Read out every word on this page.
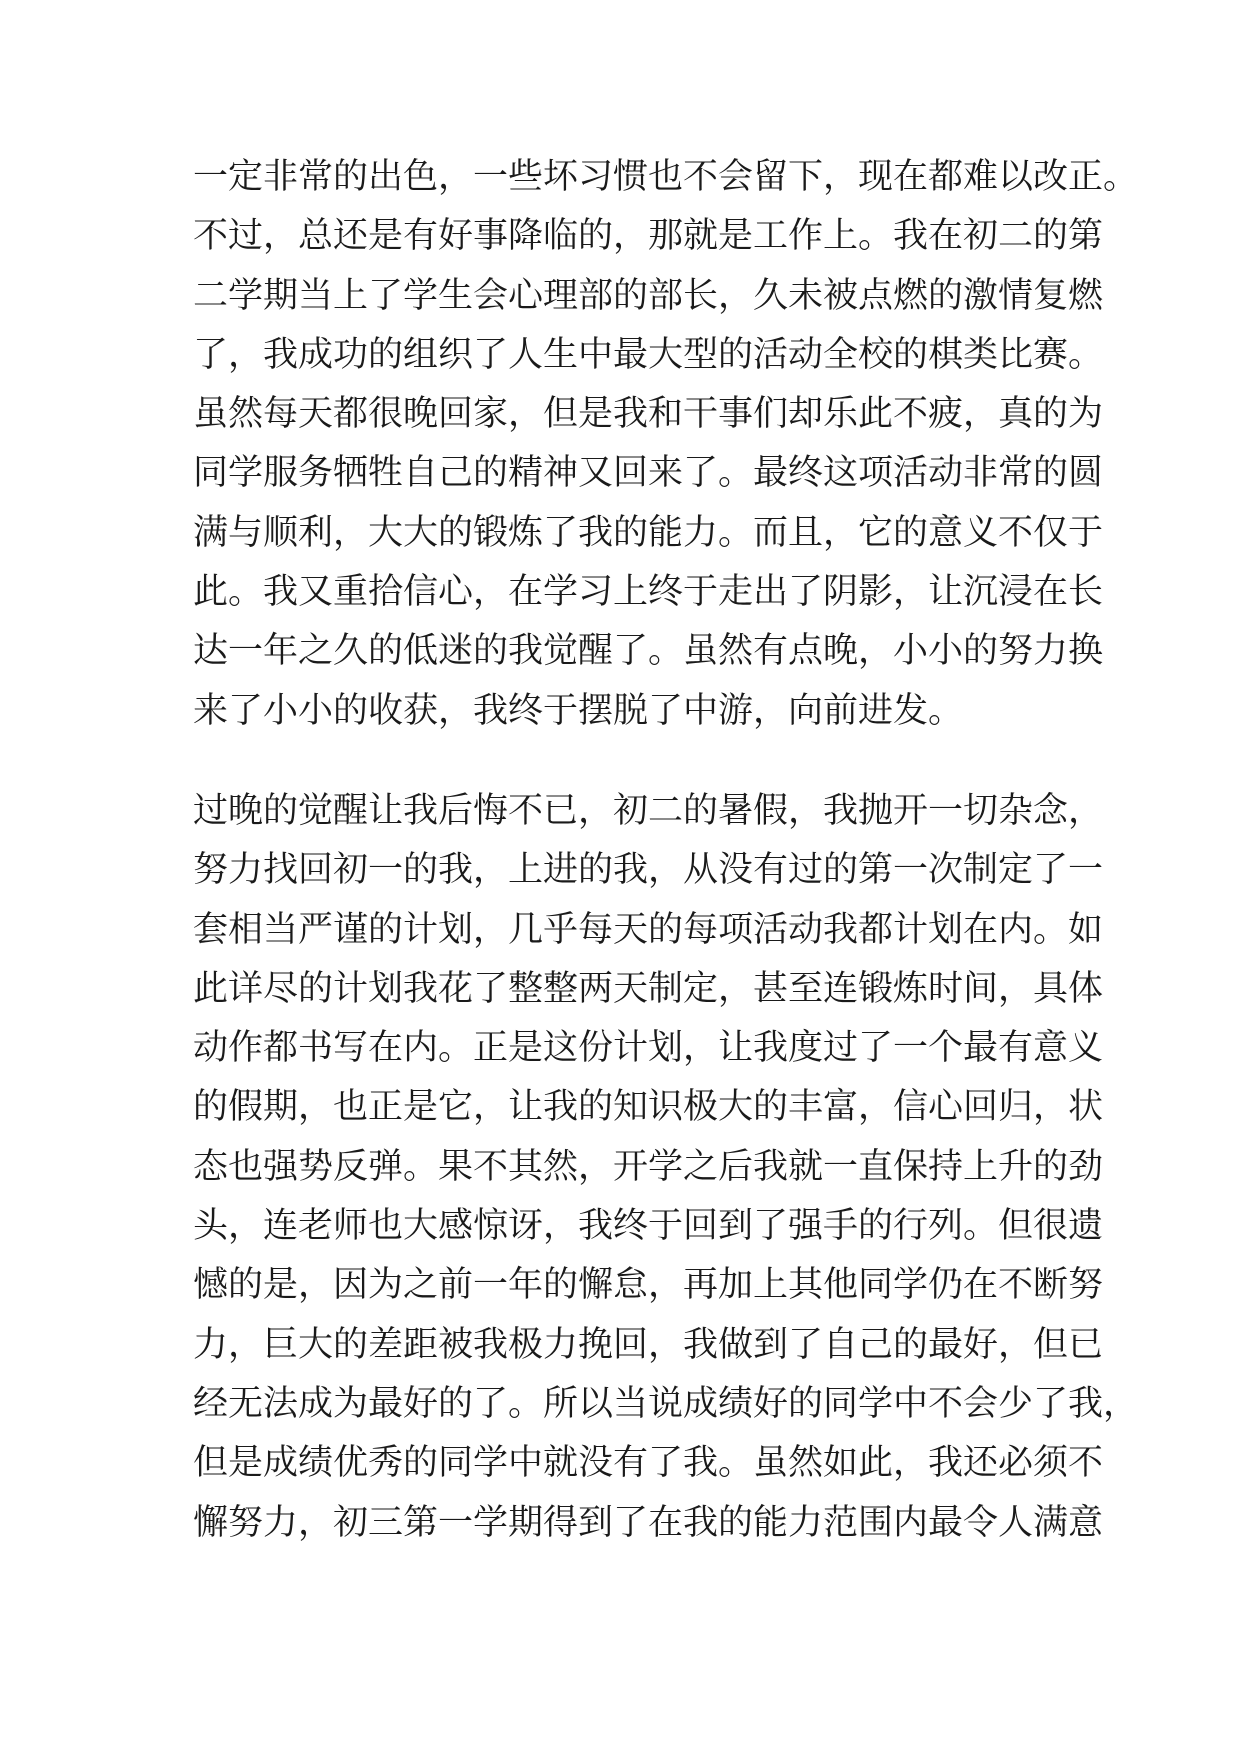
一定非常的出色，一些坏习惯也不会留下，现在都难以改正。
不过，总还是有好事降临的，那就是工作上。我在初二的第
二学期当上了学生会心理部的部长，久未被点燃的激情复燃
了，我成功的组织了人生中最大型的活动全校的棋类比赛。
虽然每天都很晚回家，但是我和干事们却乐此不疲，真的为
同学服务牺牲自己的精神又回来了。最终这项活动非常的圆
满与顺利，大大的锻炼了我的能力。而且，它的意义不仅于
此。我又重拾信心，在学习上终于走出了阴影，让沉浸在长
达一年之久的低迷的我觉醒了。虽然有点晚，小小的努力换
来了小小的收获，我终于摆脱了中游，向前进发。
过晚的觉醒让我后悔不已，初二的暑假，我抛开一切杂念，
努力找回初一的我，上进的我，从没有过的第一次制定了一
套相当严谨的计划，几乎每天的每项活动我都计划在内。如
此详尽的计划我花了整整两天制定，甚至连锻炼时间，具体
动作都书写在内。正是这份计划，让我度过了一个最有意义
的假期，也正是它，让我的知识极大的丰富，信心回归，状
态也强势反弹。果不其然，开学之后我就一直保持上升的劲
头，连老师也大感惊讶，我终于回到了强手的行列。但很遗
憾的是，因为之前一年的懈怠，再加上其他同学仍在不断努
力，巨大的差距被我极力挽回，我做到了自己的最好，但已
经无法成为最好的了。所以当说成绩好的同学中不会少了我，
但是成绩优秀的同学中就没有了我。虽然如此，我还必须不
懈努力，初三第一学期得到了在我的能力范围内最令人满意
